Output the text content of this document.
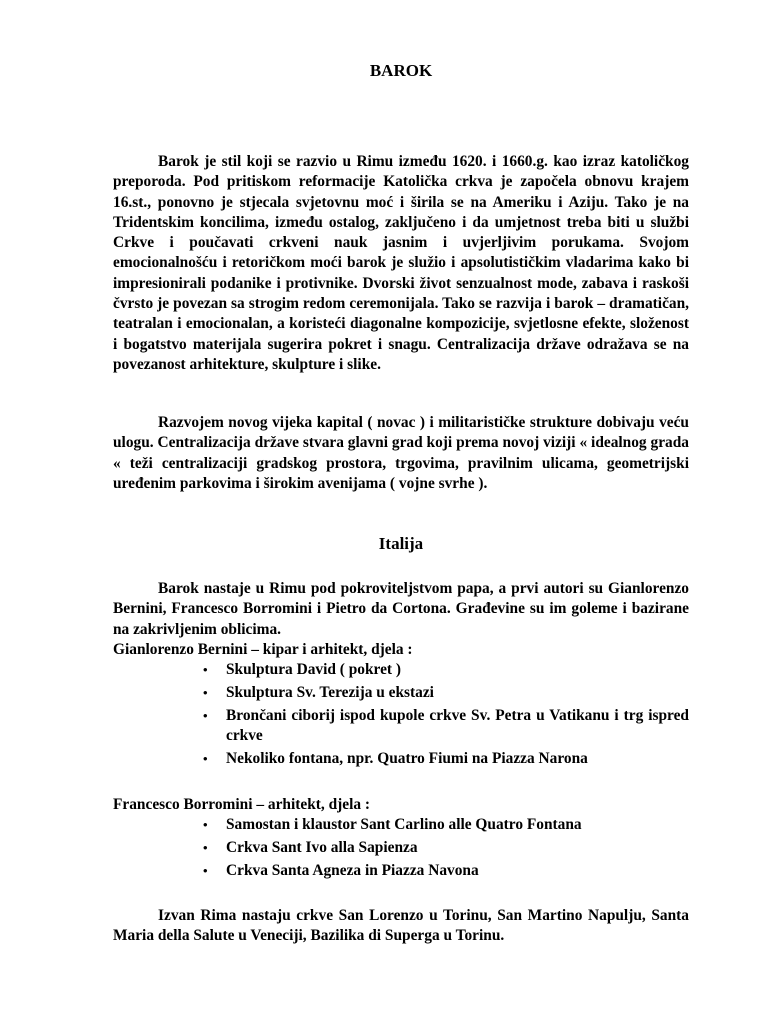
BAROK

Barok je stil koji se razvio u Rimu između 1620. i 1660.g. kao izraz katoličkog preporoda. Pod pritiskom reformacije Katolička crkva je započela obnovu krajem 16.st., ponovno je stjecala svjetovnu moć i širila se na Ameriku i Aziju. Tako je na Tridentskim koncilima, između ostalog, zaključeno i da umjetnost treba biti u službi Crkve i poučavati crkveni nauk jasnim i uvjerljivim porukama. Svojom emocionalnošću i retoričkom moći barok je služio i apsolutističkim vladarima kako bi impresionirali podanike i protivnike. Dvorski život senzualnost mode, zabava i raskoši čvrsto je povezan sa strogim redom ceremonijala. Tako se razvija i barok – dramatičan, teatralan i emocionalan, a koristeći diagonalne kompozicije, svjetlosne efekte, složenost i bogatstvo materijala sugerira pokret i snagu. Centralizacija države odražava se na povezanost arhitekture, skulpture i slike.

Razvojem novog vijeka kapital ( novac ) i militarističke strukture dobivaju veću ulogu. Centralizacija države stvara glavni grad koji prema novoj viziji « idealnog grada « teži centralizaciji gradskog prostora, trgovima, pravilnim ulicama, geometrijski uređenim parkovima i širokim avenijama ( vojne svrhe ).

Italija

Barok nastaje u Rimu pod pokroviteljstvom papa, a prvi autori su Gianlorenzo Bernini, Francesco Borromini i Pietro da Cortona. Građevine su im goleme i bazirane na zakrivljenim oblicima.

Gianlorenzo Bernini – kipar i arhitekt, djela :

• Skulptura David ( pokret )
• Skulptura Sv. Terezija u ekstazi
• Brončani ciborij ispod kupole crkve Sv. Petra u Vatikanu i trg ispred crkve
• Nekoliko fontana, npr. Quatro Fiumi na Piazza Narona

Francesco Borromini – arhitekt, djela :

• Samostan i klaustor Sant Carlino alle Quatro Fontana
• Crkva Sant Ivo alla Sapienza
• Crkva Santa Agneza in Piazza Navona

Izvan Rima nastaju crkve San Lorenzo u Torinu, San Martino Napulju, Santa Maria della Salute u Veneciji, Bazilika di Superga u Torinu.
